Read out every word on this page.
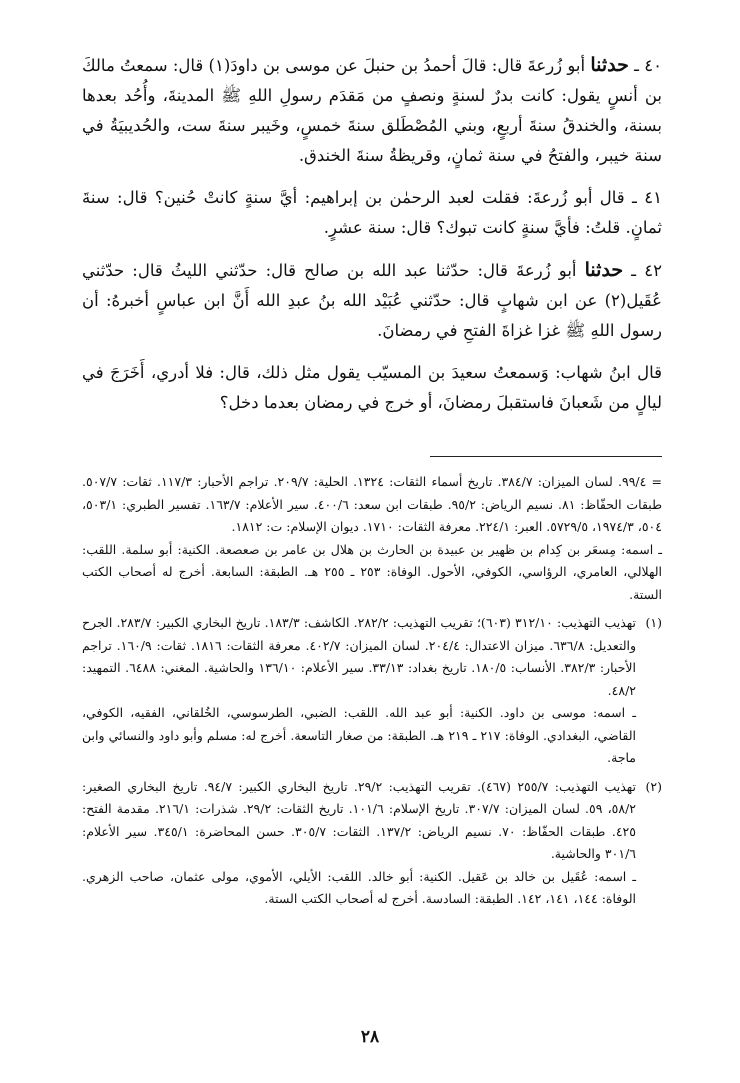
٤٠ ـ حدثنا أبو زُرعةَ قال: قالَ أحمدُ بن حنبلَ عن موسى بن داودَ(١) قال: سمعتُ مالكَ بن أنسٍ يقول: كانت بدرٌ لسنةٍ ونصفٍ من مَقدَم رسولِ اللهِ ﷺ المدينةَ، وأُحُد بعدها بسنة، والخندقُ سنةَ أربعٍ، وبني المُصْطَلق سنةَ خمسٍ، وخَيبر سنةَ ست، والحُديبيَةُ في سنة خيبر، والفتحُ في سنة ثمانٍ، وقريظةُ سنةَ الخندق.

٤١ ـ قال أبو زُرعةَ: فقلت لعبد الرحمٰن بن إبراهيم: أيَّ سنةٍ كانتْ حُنين؟ قال: سنةَ ثمانٍ. قلتُ: فأيَّ سنةٍ كانت تبوك؟ قال: سنة عشرٍ.

٤٢ ـ حدثنا أبو زُرعةَ قال: حدّثنا عبد الله بن صالح قال: حدّثني الليثُ قال: حدّثني عُقَيل(٢) عن ابن شهابٍ قال: حدّثني عُبَيْد الله بنُ عبدِ الله أَنَّ ابن عباسٍ أخبرهُ: أن رسول اللهِ ﷺ غزا غزاةَ الفتحِ في رمضانَ.

قال ابنُ شهاب: وَسمعتُ سعيدَ بن المسيّب يقول مثل ذلك، قال: فلا أدري، أَخَرَجَ في ليالٍ من شَعبانَ فاستقبلَ رمضانَ، أو خرج في رمضان بعدما دخل؟

= ٩٩/٤. لسان الميزان: ٣٨٤/٧. تاريخ أسماء الثقات: ١٣٢٤. الحلية: ٢٠٩/٧. تراجم الأحبار: ١١٧/٣. ثقات: ٥٠٧/٧. طبقات الحفّاظ: ٨١. نسيم الرياض: ٩٥/٢. طبقات ابن سعد: ٤٠٠/٦. سير الأعلام: ١٦٣/٧. تفسير الطبري: ٥٠٣/١، ٥٠٤، ١٩٧٤/٣، ٥٧٢٩/٥. العبر: ٢٢٤/١. معرفة الثقات: ١٧١٠. ديوان الإسلام: ت: ١٨١٢.

ـ اسمه: مِسعَر بن كِدام بن ظهير بن عبيدة بن الحارث بن هلال بن عامر بن صعصعة. الكنية: أبو سلمة. اللقب: الهلالي، العامري، الرؤاسي، الكوفي، الأحول. الوفاة: ٢٥٣ ـ ٢٥٥ هـ. الطبقة: السابعة. أخرج له أصحاب الكتب الستة.

(١)

تهذيب التهذيب: ٣١٢/١٠ (٦٠٣)؛ تقريب التهذيب: ٢٨٢/٢. الكاشف: ١٨٣/٣. تاريخ البخاري الكبير: ٢٨٣/٧. الجرح والتعديل: ٦٣٦/٨. ميزان الاعتدال: ٢٠٤/٤. لسان الميزان: ٤٠٢/٧. معرفة الثقات: ١٨١٦. ثقات: ١٦٠/٩. تراجم الأحبار: ٣٨٢/٣. الأنساب: ١٨٠/٥. تاريخ بغداد: ٣٣/١٣. سير الأعلام: ١٣٦/١٠ والحاشية. المغني: ٦٤٨٨. التمهيد: ٤٨/٢.

ـ اسمه: موسى بن داود. الكنية: أبو عبد الله. اللقب: الضبي، الطرسوسي، الخُلقاني، الفقيه، الكوفي، القاضي، البغدادي. الوفاة: ٢١٧ ـ ٢١٩ هـ. الطبقة: من صغار التاسعة. أخرج له: مسلم وأبو داود والنسائي وابن ماجة.

(٢)

تهذيب التهذيب: ٢٥٥/٧ (٤٦٧). تقريب التهذيب: ٢٩/٢. تاريخ البخاري الكبير: ٩٤/٧. تاريخ البخاري الصغير: ٥٨/٢، ٥٩. لسان الميزان: ٣٠٧/٧. تاريخ الإسلام: ١٠١/٦. تاريخ الثقات: ٢٩/٢. شذرات: ٢١٦/١. مقدمة الفتح: ٤٢٥. طبقات الحفّاظ: ٧٠. نسيم الرياض: ١٣٧/٢. الثقات: ٣٠٥/٧. حسن المحاضرة: ٣٤٥/١. سير الأعلام: ٣٠١/٦ والحاشية.

ـ اسمه: عُقَيل بن خالد بن عَقيل. الكنية: أبو خالد. اللقب: الأيلي، الأموي، مولى عثمان، صاحب الزهري. الوفاة: ١٤٤، ١٤١، ١٤٢. الطبقة: السادسة. أخرج له أصحاب الكتب الستة.

٢٨
